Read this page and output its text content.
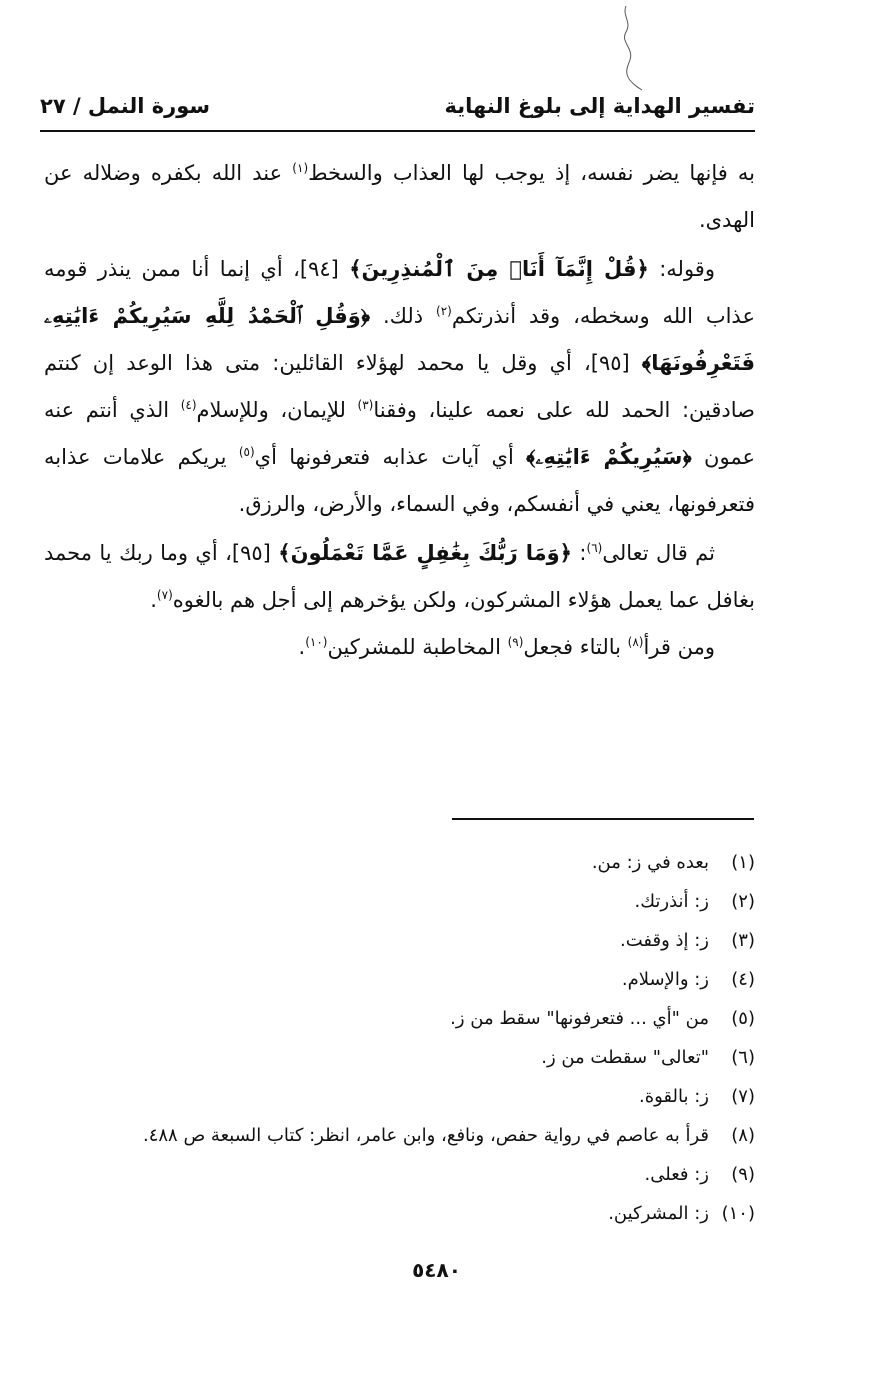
تفسير الهداية إلى بلوغ النهاية
سورة النمل / ٢٧

به فإنها يضر نفسه، إذ يوجب لها العذاب والسخط$^{(١)}$ عند الله بكفره وضلاله عن الهدى.

وقوله: ﴿قُلْ إِنَّمَآ أَنَا۠ مِنَ ٱلْمُنذِرِينَ﴾ [٩٤]، أي إنما أنا ممن ينذر قومه عذاب الله وسخطه، وقد أنذرتكم$^{(٢)}$ ذلك. ﴿وَقُلِ ٱلْحَمْدُ لِلَّهِ سَيُرِيكُمْ ءَايَٰتِهِۦ فَتَعْرِفُونَهَا﴾ [٩٥]، أي وقل يا محمد لهؤلاء القائلين: متى هذا الوعد إن كنتم صادقين: الحمد لله على نعمه علينا، وفقنا$^{(٣)}$ للإيمان، وللإسلام$^{(٤)}$ الذي أنتم عنه عمون ﴿سَيُرِيكُمْ ءَايَٰتِهِۦ﴾ أي آيات عذابه فتعرفونها أي$^{(٥)}$ يريكم علامات عذابه فتعرفونها، يعني في أنفسكم، وفي السماء، والأرض، والرزق.

ثم قال تعالى$^{(٦)}$: ﴿وَمَا رَبُّكَ بِغَٰفِلٍ عَمَّا تَعْمَلُونَ﴾ [٩٥]، أي وما ربك يا محمد بغافل عما يعمل هؤلاء المشركون، ولكن يؤخرهم إلى أجل هم بالغوه$^{(٧)}$.

ومن قرأ$^{(٨)}$ بالتاء فجعل$^{(٩)}$ المخاطبة للمشركين$^{(١٠)}$.

(١)
بعده في ز: من.
(٢)
ز: أنذرتك.
(٣)
ز: إذ وقفت.
(٤)
ز: والإسلام.
(٥)
من "أي ... فتعرفونها" سقط من ز.
(٦)
"تعالى" سقطت من ز.
(٧)
ز: بالقوة.
(٨)
قرأ به عاصم في رواية حفص، ونافع، وابن عامر، انظر: كتاب السبعة ص ٤٨٨.
(٩)
ز: فعلى.
(١٠)
ز: المشركين.
٥٤٨٠
